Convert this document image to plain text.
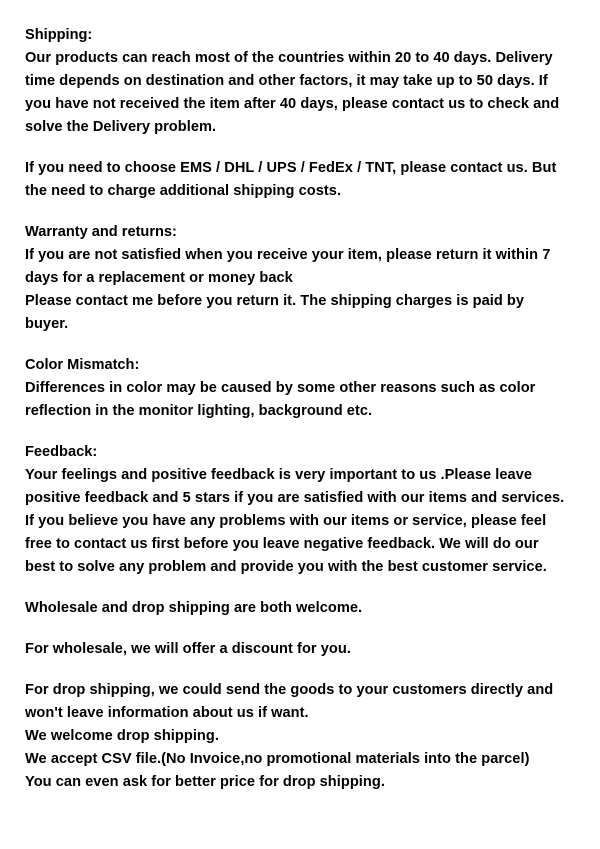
Shipping:

Our products can reach most of the countries within 20 to 40 days. Delivery

time depends on destination and other factors, it may take up to 50 days. If

you have not received the item after 40 days, please contact us to check and

solve the Delivery problem.

If you need to choose EMS / DHL / UPS / FedEx / TNT, please contact us. But

the need to charge additional shipping costs.

Warranty and returns:

If you are not satisfied when you receive your item, please return it within 7

days for a replacement or money back

Please contact me before you return it. The shipping charges is paid by

buyer.

Color Mismatch:

Differences in color may be caused by some other reasons such as color

reflection in the monitor lighting, background etc.

Feedback:

Your feelings and positive feedback is very important to us .Please leave

positive feedback and 5 stars if you are satisfied with our items and services.

If you believe you have any problems with our items or service, please feel

free to contact us first before you leave negative feedback. We will do our

best to solve any problem and provide you with the best customer service.

Wholesale and drop shipping are both welcome.

For wholesale, we will offer a discount for you.

For drop shipping, we could send the goods to your customers directly and

won't leave information about us if want.

We welcome drop shipping.

We accept CSV file.(No Invoice,no promotional materials into the parcel)

You can even ask for better price for drop shipping.
